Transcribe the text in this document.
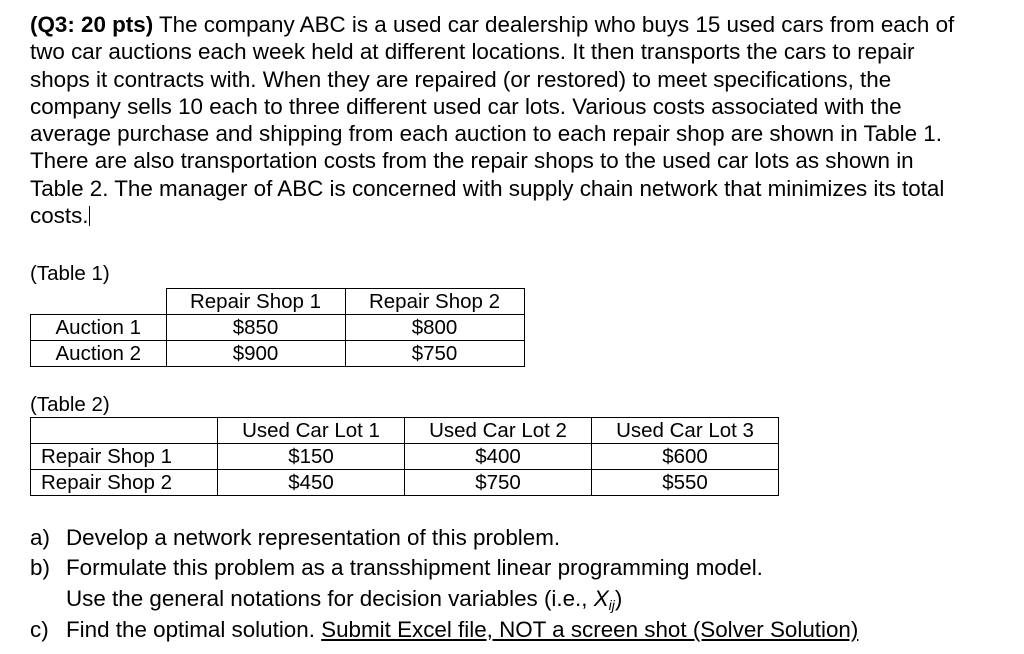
(Q3: 20 pts) The company ABC is a used car dealership who buys 15 used cars from each of two car auctions each week held at different locations. It then transports the cars to repair shops it contracts with. When they are repaired (or restored) to meet specifications, the company sells 10 each to three different used car lots. Various costs associated with the average purchase and shipping from each auction to each repair shop are shown in Table 1. There are also transportation costs from the repair shops to the used car lots as shown in Table 2. The manager of ABC is concerned with supply chain network that minimizes its total costs.

(Table 1)
	Repair Shop 1	Repair Shop 2
Auction 1	$850	$800
Auction 2	$900	$750
(Table 2)
	Used Car Lot 1	Used Car Lot 2	Used Car Lot 3
Repair Shop 1	$150	$400	$600
Repair Shop 2	$450	$750	$550
a) Develop a network representation of this problem.
b) Formulate this problem as a transshipment linear programming model.
Use the general notations for decision variables (i.e., $X_{ij}$)
c) Find the optimal solution. Submit Excel file, NOT a screen shot (Solver Solution)
